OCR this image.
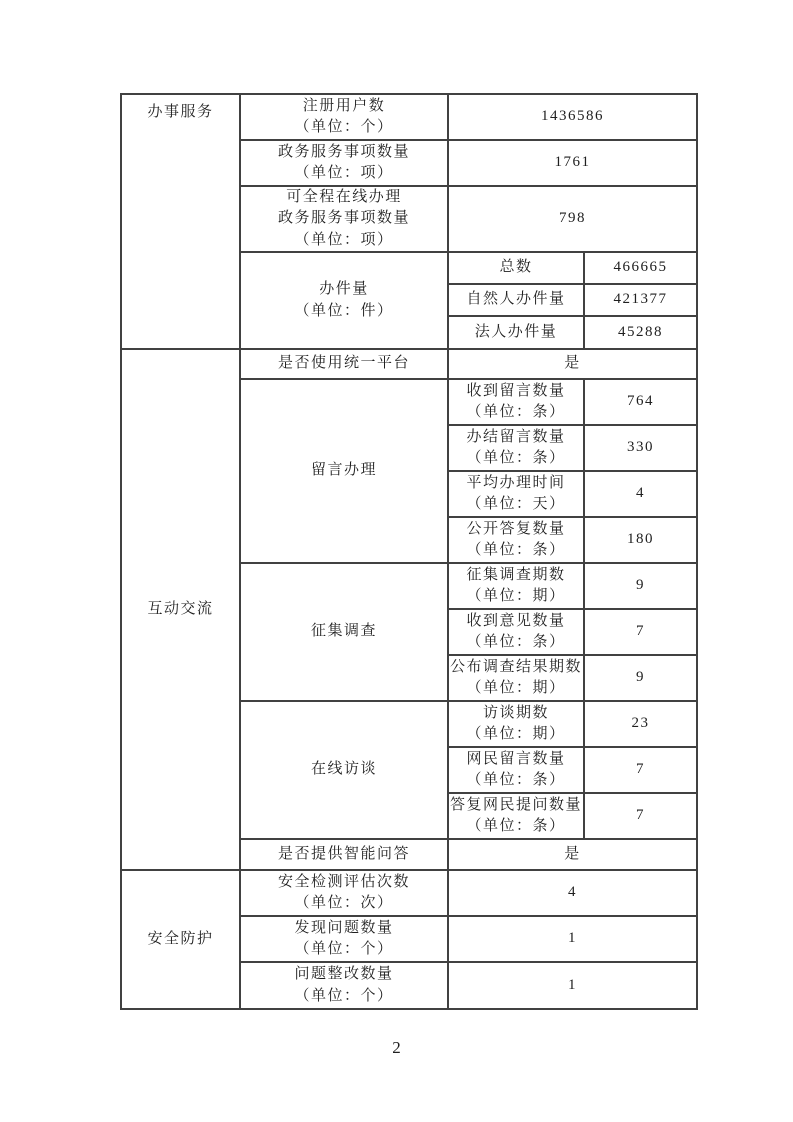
办事服务	注册用户数
（单位：个）	1436586	

	政务服务事项数量
（单位：项）	1761	

	可全程在线办理
政务服务事项数量
（单位：项）	798	

	办件量
（单位：件）	总数	466665
		自然人办件量	421377
		法人办件量	45288

互动交流	是否使用统一平台	是	
	留言办理	收到留言数量
（单位：条）	764

		办结留言数量
（单位：条）	330

		平均办理时间
（单位：天）	4

		公开答复数量
（单位：条）	180
	征集调查	征集调查期数
（单位：期）	9

		收到意见数量
（单位：条）	7

		公布调查结果期数
（单位：期）	9
	在线访谈	访谈期数
（单位：期）	23

		网民留言数量
（单位：条）	7

		答复网民提问数量
（单位：条）	7
	是否提供智能问答	是	

安全防护	安全检测评估次数
（单位：次）	4	

	发现问题数量
（单位：个）	1	

	问题整改数量
（单位：个）	1	
2
